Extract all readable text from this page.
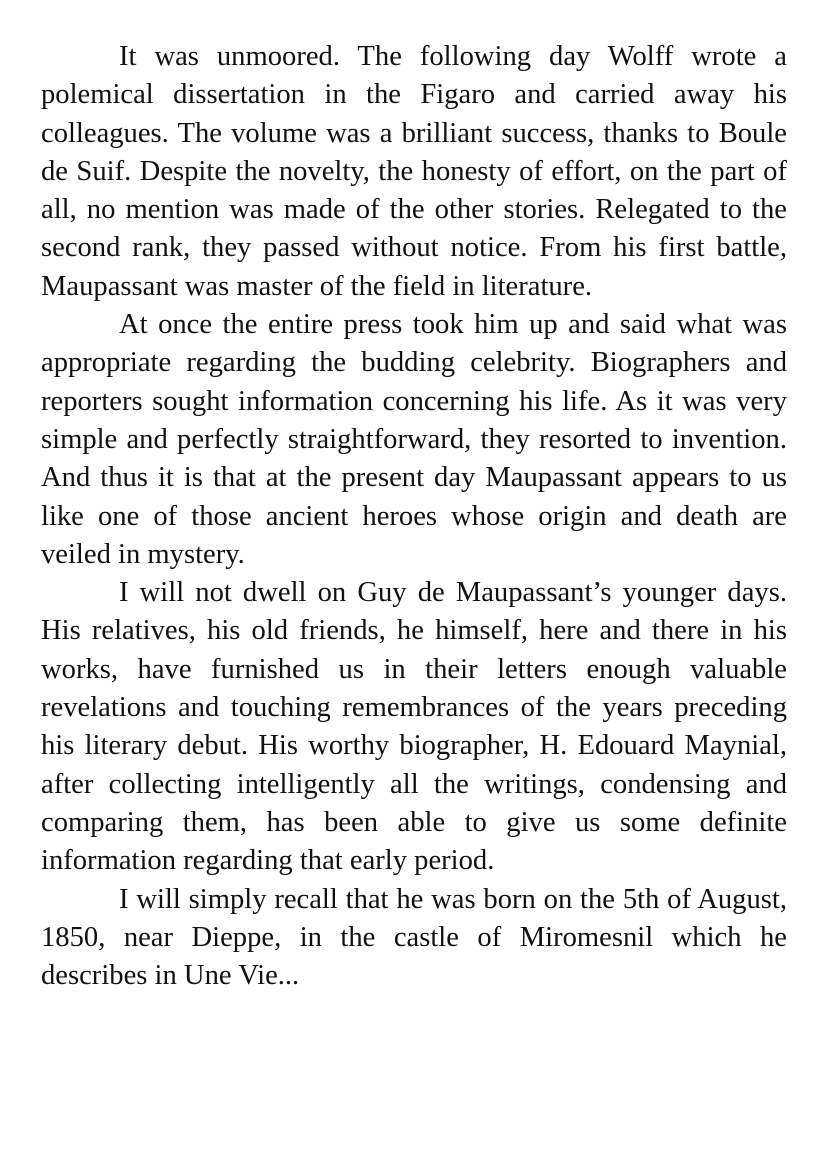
It was unmoored. The following day Wolff wrote a polemical dissertation in the Figaro and carried away his colleagues. The volume was a brilliant success, thanks to Boule de Suif. Despite the novelty, the honesty of effort, on the part of all, no mention was made of the other stories. Relegated to the second rank, they passed without notice. From his first battle, Maupassant was master of the field in literature.

At once the entire press took him up and said what was appropriate regarding the budding celebrity. Biographers and reporters sought information concerning his life. As it was very simple and perfectly straightforward, they resorted to invention. And thus it is that at the present day Maupassant appears to us like one of those ancient heroes whose origin and death are veiled in mystery.

I will not dwell on Guy de Maupassant’s younger days. His relatives, his old friends, he himself, here and there in his works, have furnished us in their letters enough valuable revelations and touching remembrances of the years preceding his literary debut. His worthy biographer, H. Edouard Maynial, after collecting intelligently all the writings, condensing and comparing them, has been able to give us some definite information regarding that early period.

I will simply recall that he was born on the 5th of August, 1850, near Dieppe, in the castle of Miromesnil which he describes in Une Vie...
